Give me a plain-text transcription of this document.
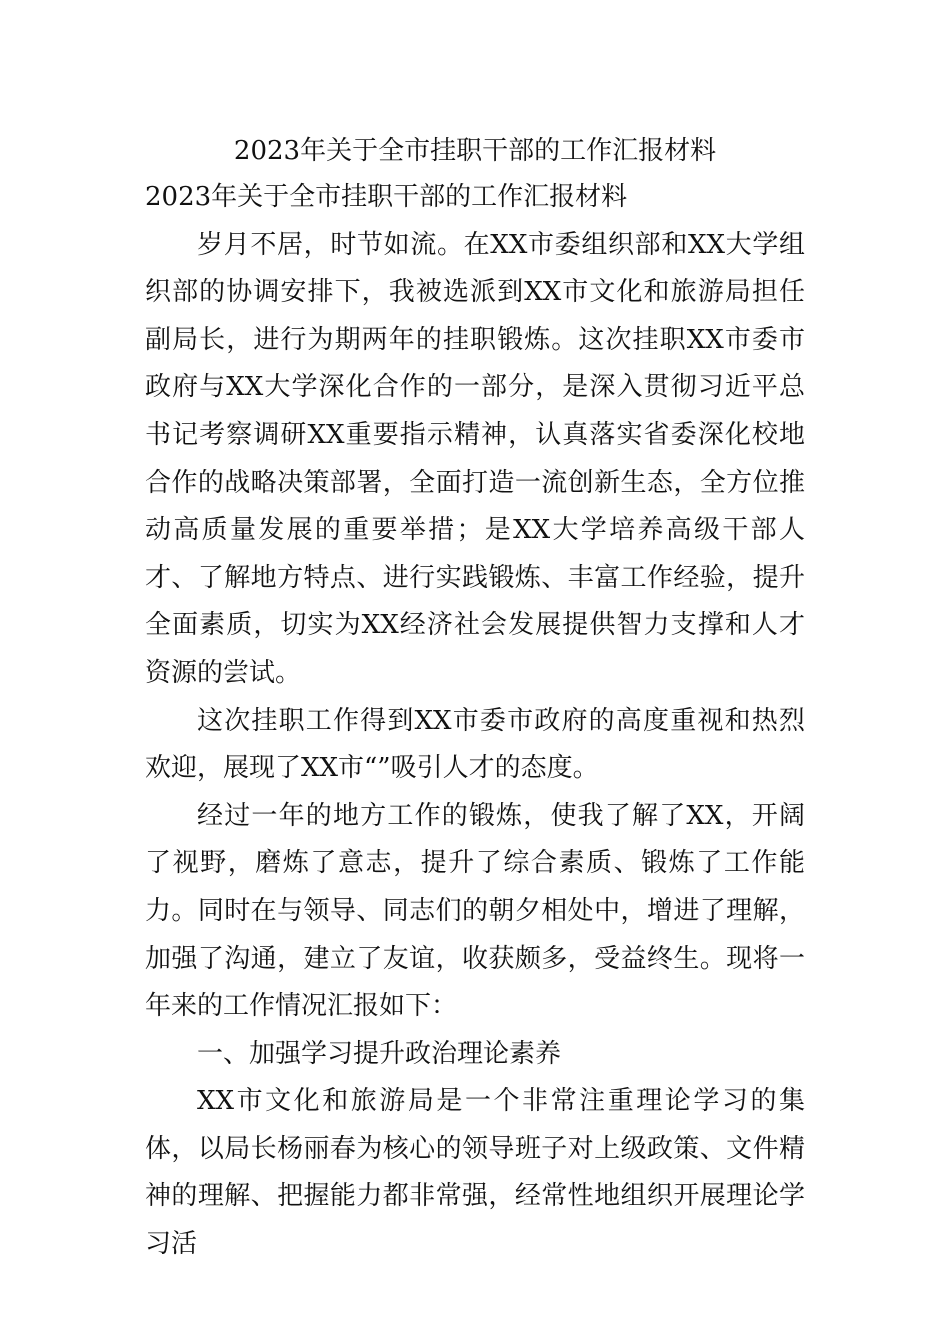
2023年关于全市挂职干部的工作汇报材料

2023年关于全市挂职干部的工作汇报材料

岁月不居，时节如流。在XX市委组织部和XX大学组织部的协调安排下，我被选派到XX市文化和旅游局担任副局长，进行为期两年的挂职锻炼。这次挂职XX市委市政府与XX大学深化合作的一部分，是深入贯彻习近平总书记考察调研XX重要指示精神，认真落实省委深化校地合作的战略决策部署，全面打造一流创新生态，全方位推动高质量发展的重要举措；是XX大学培养高级干部人才、了解地方特点、进行实践锻炼、丰富工作经验，提升全面素质，切实为XX经济社会发展提供智力支撑和人才资源的尝试。

这次挂职工作得到XX市委市政府的高度重视和热烈欢迎，展现了XX市“”吸引人才的态度。

经过一年的地方工作的锻炼，使我了解了XX，开阔了视野，磨炼了意志，提升了综合素质、锻炼了工作能力。同时在与领导、同志们的朝夕相处中，增进了理解，加强了沟通，建立了友谊，收获颇多，受益终生。现将一年来的工作情况汇报如下：

一、加强学习提升政治理论素养

XX市文化和旅游局是一个非常注重理论学习的集体，以局长杨丽春为核心的领导班子对上级政策、文件精神的理解、把握能力都非常强，经常性地组织开展理论学习活
